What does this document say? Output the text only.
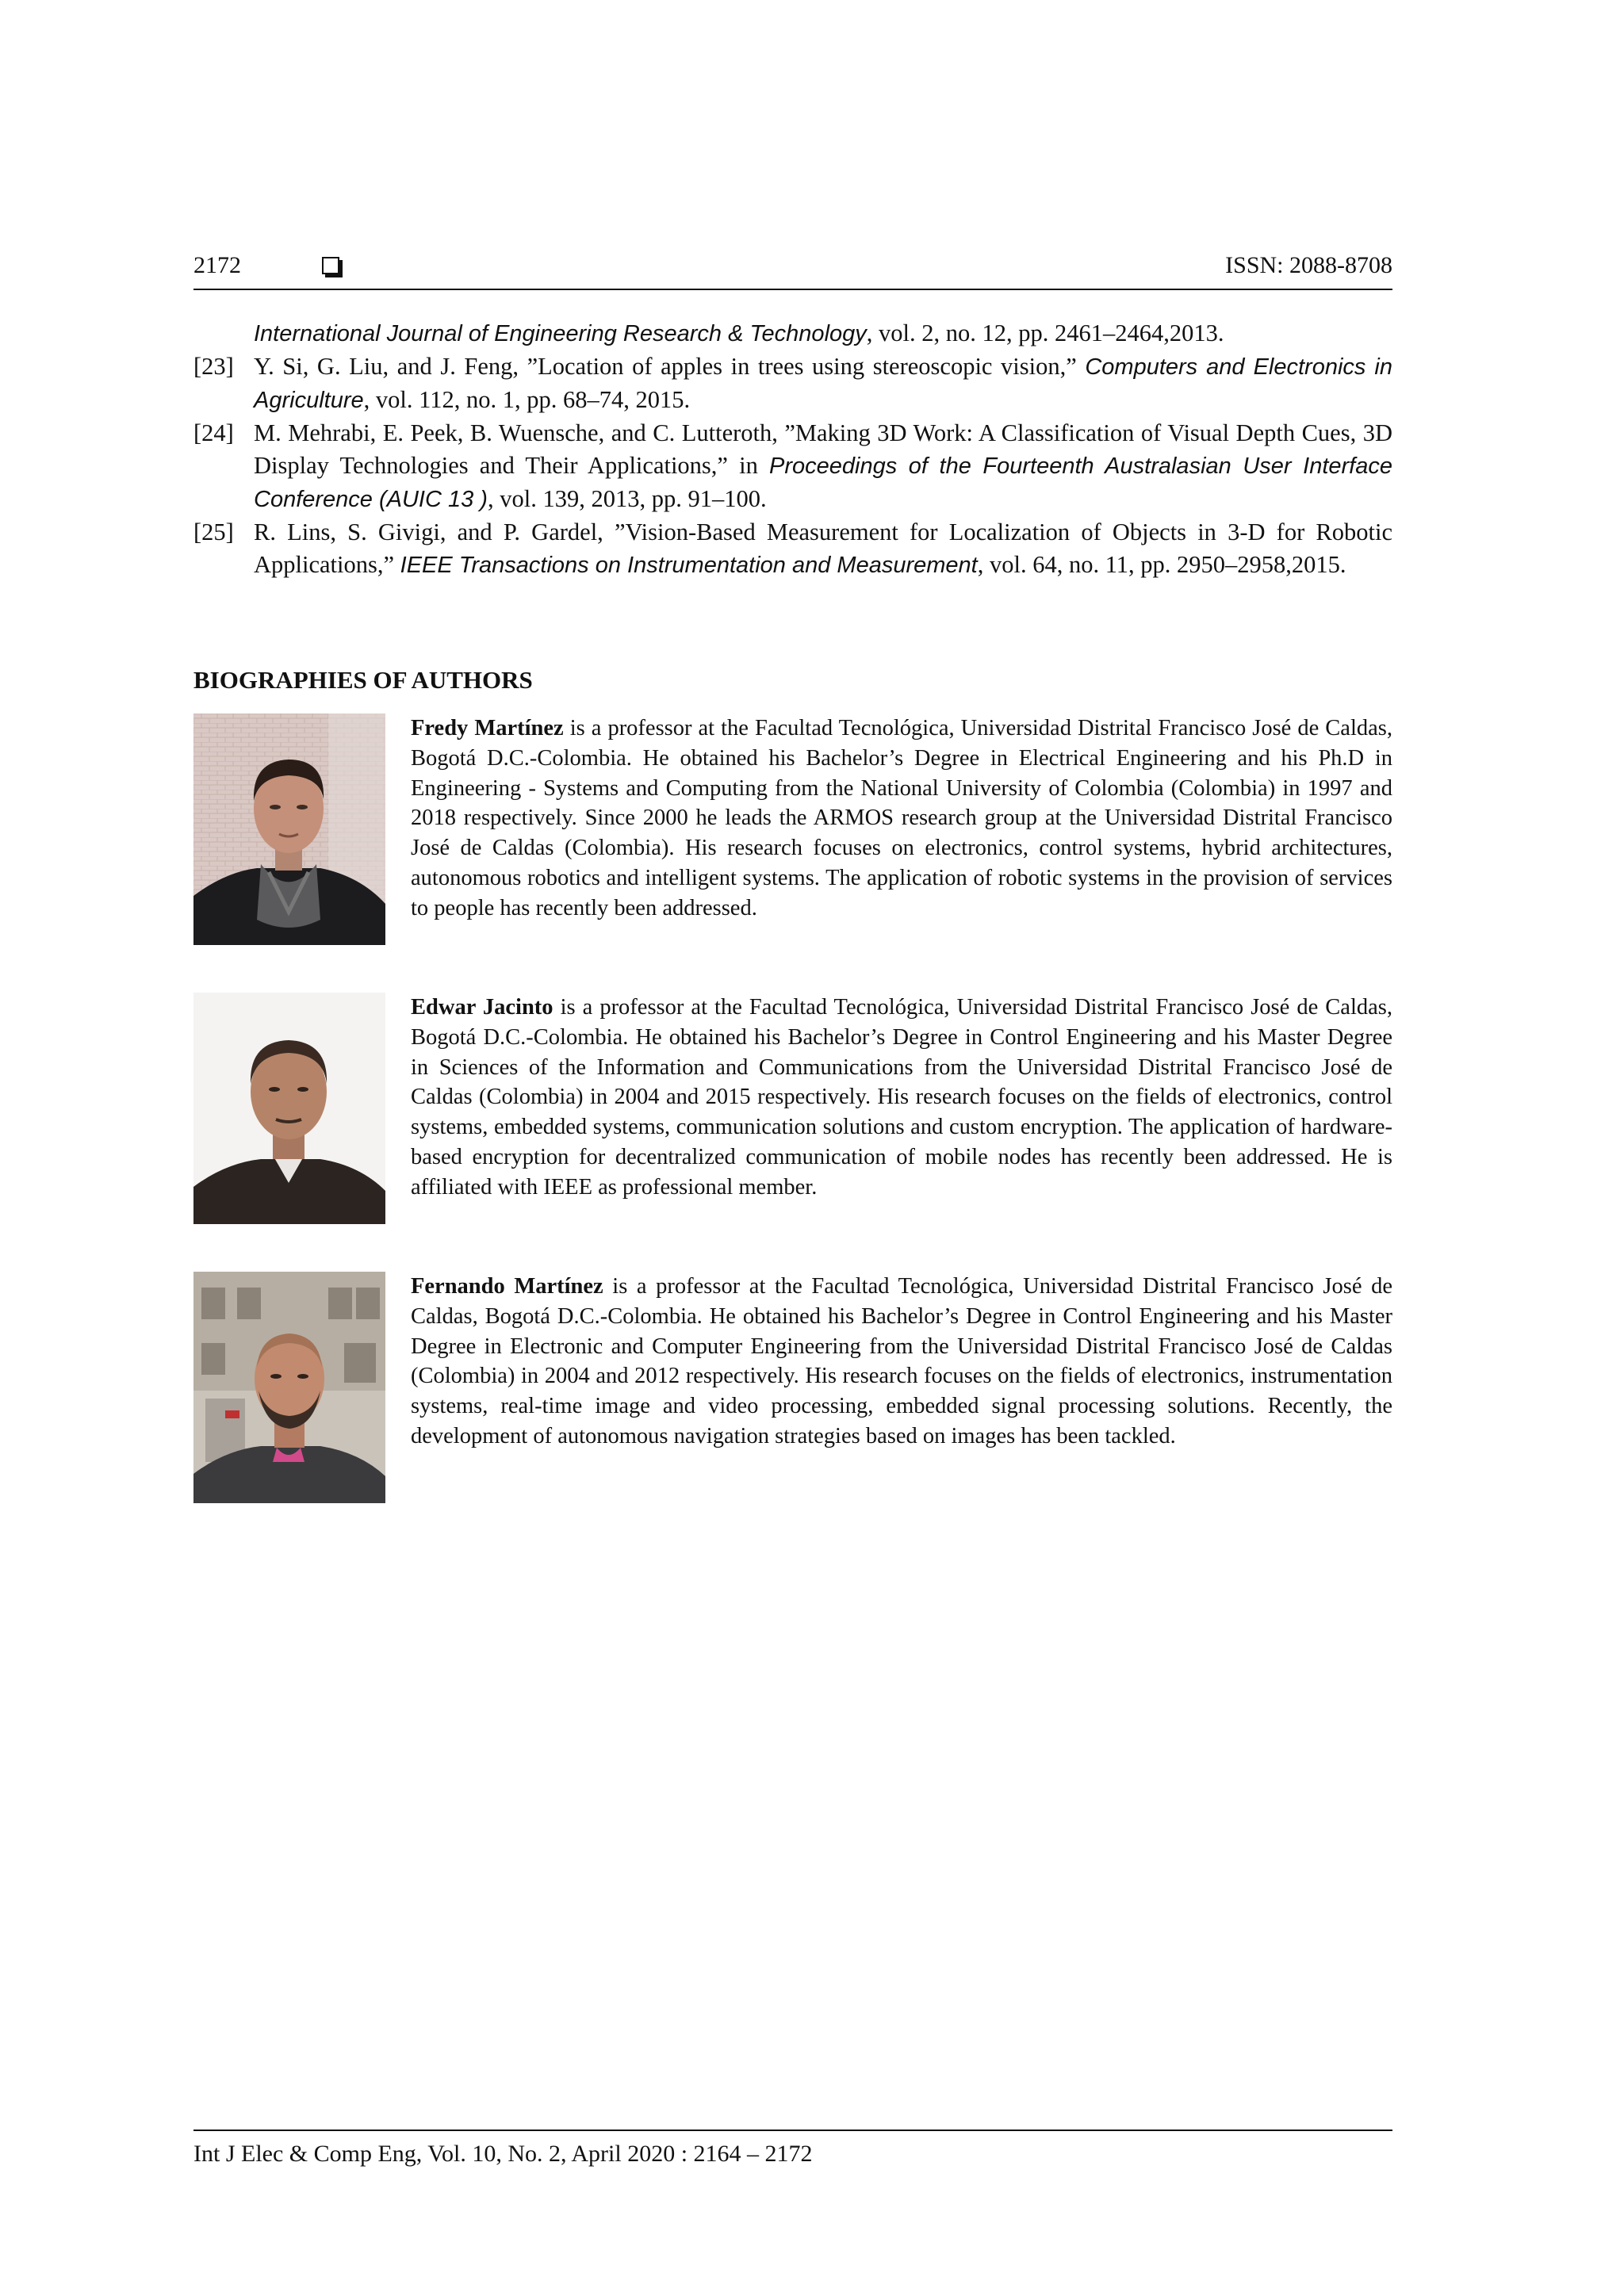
2172	ISSN: 2088-8708
International Journal of Engineering Research & Technology, vol. 2, no. 12, pp. 2461–2464,2013.
[23] Y. Si, G. Liu, and J. Feng, ”Location of apples in trees using stereoscopic vision,” Computers and Electronics in Agriculture, vol. 112, no. 1, pp. 68–74, 2015.
[24] M. Mehrabi, E. Peek, B. Wuensche, and C. Lutteroth, ”Making 3D Work: A Classification of Visual Depth Cues, 3D Display Technologies and Their Applications,” in Proceedings of the Fourteenth Australasian User Interface Conference (AUIC 13 ), vol. 139, 2013, pp. 91–100.
[25] R. Lins, S. Givigi, and P. Gardel, ”Vision-Based Measurement for Localization of Objects in 3-D for Robotic Applications,” IEEE Transactions on Instrumentation and Measurement, vol. 64, no. 11, pp. 2950–2958,2015.
BIOGRAPHIES OF AUTHORS
Fredy Martínez is a professor at the Facultad Tecnológica, Universidad Distrital Francisco José de Caldas, Bogotá D.C.-Colombia. He obtained his Bachelor’s Degree in Electrical Engineering and his Ph.D in Engineering - Systems and Computing from the National University of Colombia (Colombia) in 1997 and 2018 respectively. Since 2000 he leads the ARMOS research group at the Universidad Distrital Francisco José de Caldas (Colombia). His research focuses on electronics, control systems, hybrid architectures, autonomous robotics and intelligent systems. The application of robotic systems in the provision of services to people has recently been addressed.
Edwar Jacinto is a professor at the Facultad Tecnológica, Universidad Distrital Francisco José de Caldas, Bogotá D.C.-Colombia. He obtained his Bachelor’s Degree in Control Engineering and his Master Degree in Sciences of the Information and Communications from the Universidad Distrital Francisco José de Caldas (Colombia) in 2004 and 2015 respectively. His research focuses on the fields of electronics, control systems, embedded systems, communication solutions and custom encryption. The application of hardware-based encryption for decentralized communication of mobile nodes has recently been addressed. He is affiliated with IEEE as professional member.
Fernando Martínez is a professor at the Facultad Tecnológica, Universidad Distrital Francisco José de Caldas, Bogotá D.C.-Colombia. He obtained his Bachelor’s Degree in Control Engineering and his Master Degree in Electronic and Computer Engineering from the Universidad Distrital Francisco José de Caldas (Colombia) in 2004 and 2012 respectively. His research focuses on the fields of electronics, instrumentation systems, real-time image and video processing, embedded signal processing solutions. Recently, the development of autonomous navigation strategies based on images has been tackled.
Int J Elec & Comp Eng, Vol. 10, No. 2, April 2020 : 2164 – 2172
